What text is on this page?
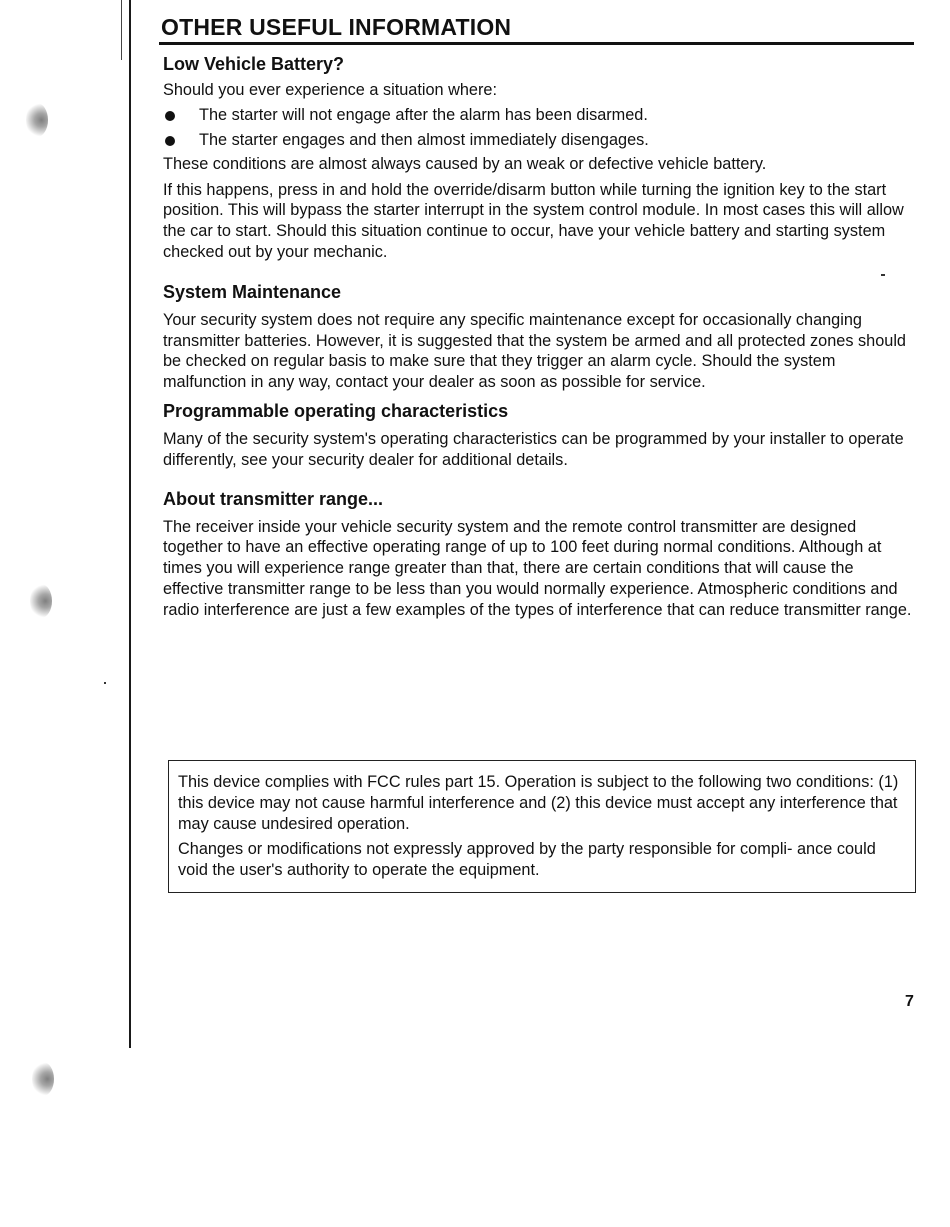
OTHER USEFUL INFORMATION
Low Vehicle Battery?

Should you ever experience a situation where:

The starter will not engage after the alarm has been disarmed.
The starter engages and then almost immediately disengages.

These conditions are almost always caused by an weak or defective vehicle battery.

If this happens, press in and hold the override/disarm button while turning the ignition key to the start position. This will bypass the starter interrupt in the system control module. In most cases this will allow the car to start. Should this situation continue to occur, have your vehicle battery and starting system checked out by your mechanic.

System Maintenance

Your security system does not require any specific maintenance except for occasionally changing transmitter batteries. However, it is suggested that the system be armed and all protected zones should be checked on regular basis to make sure that they trigger an alarm cycle. Should the system malfunction in any way, contact your dealer as soon as possible for service.

Programmable operating characteristics

Many of the security system's operating characteristics can be programmed by your installer to operate differently, see your security dealer for additional details.

About transmitter range...

The receiver inside your vehicle security system and the remote control transmitter are designed together to have an effective operating range of up to 100 feet during normal conditions. Although at times you will experience range greater than that, there are certain conditions that will cause the effective transmitter range to be less than you would normally experience. Atmospheric conditions and radio interference are just a few examples of the types of interference that can reduce transmitter range.

This device complies with FCC rules part 15. Operation is subject to the following two conditions: (1) this device may not cause harmful interference and (2) this device must accept any interference that may cause undesired operation.

Changes or modifications not expressly approved by the party responsible for compli- ance could void the user's authority to operate the equipment.

7
